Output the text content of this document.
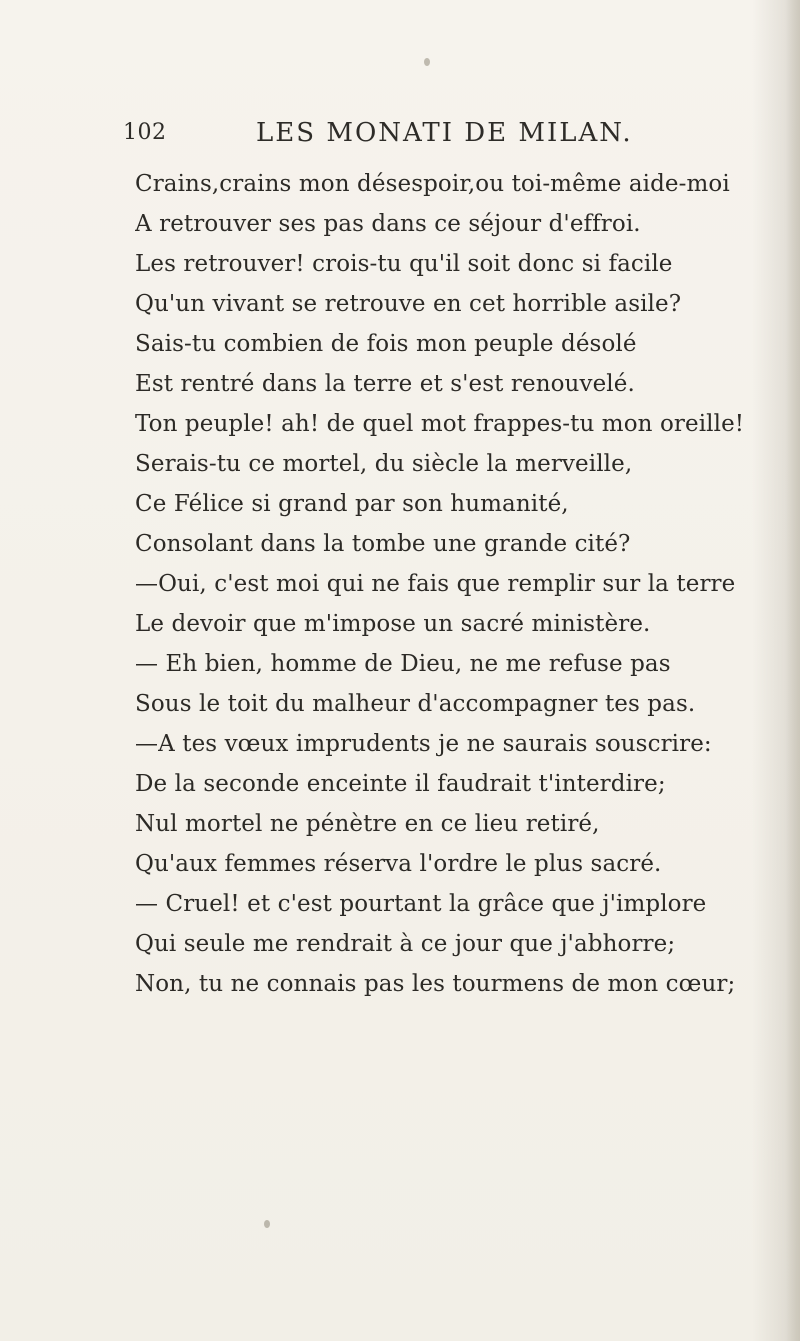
102	LES MONATI DE MILAN.
Crains,crains mon désespoir,ou toi-même aide-moi
A retrouver ses pas dans ce séjour d'effroi.
Les retrouver! crois-tu qu'il soit donc si facile
Qu'un vivant se retrouve en cet horrible asile?
Sais-tu combien de fois mon peuple désolé
Est rentré dans la terre et s'est renouvelé.
Ton peuple! ah! de quel mot frappes-tu mon oreille!
Serais-tu ce mortel, du siècle la merveille,
Ce Félice si grand par son humanité,
Consolant dans la tombe une grande cité?
—Oui, c'est moi qui ne fais que remplir sur la terre
Le devoir que m'impose un sacré ministère.
— Eh bien, homme de Dieu, ne me refuse pas
Sous le toit du malheur d'accompagner tes pas.
—A tes vœux imprudents je ne saurais souscrire:
De la seconde enceinte il faudrait t'interdire;
Nul mortel ne pénètre en ce lieu retiré,
Qu'aux femmes réserva l'ordre le plus sacré.
— Cruel! et c'est pourtant la grâce que j'implore
Qui seule me rendrait à ce jour que j'abhorre;
Non, tu ne connais pas les tourmens de mon cœur;
